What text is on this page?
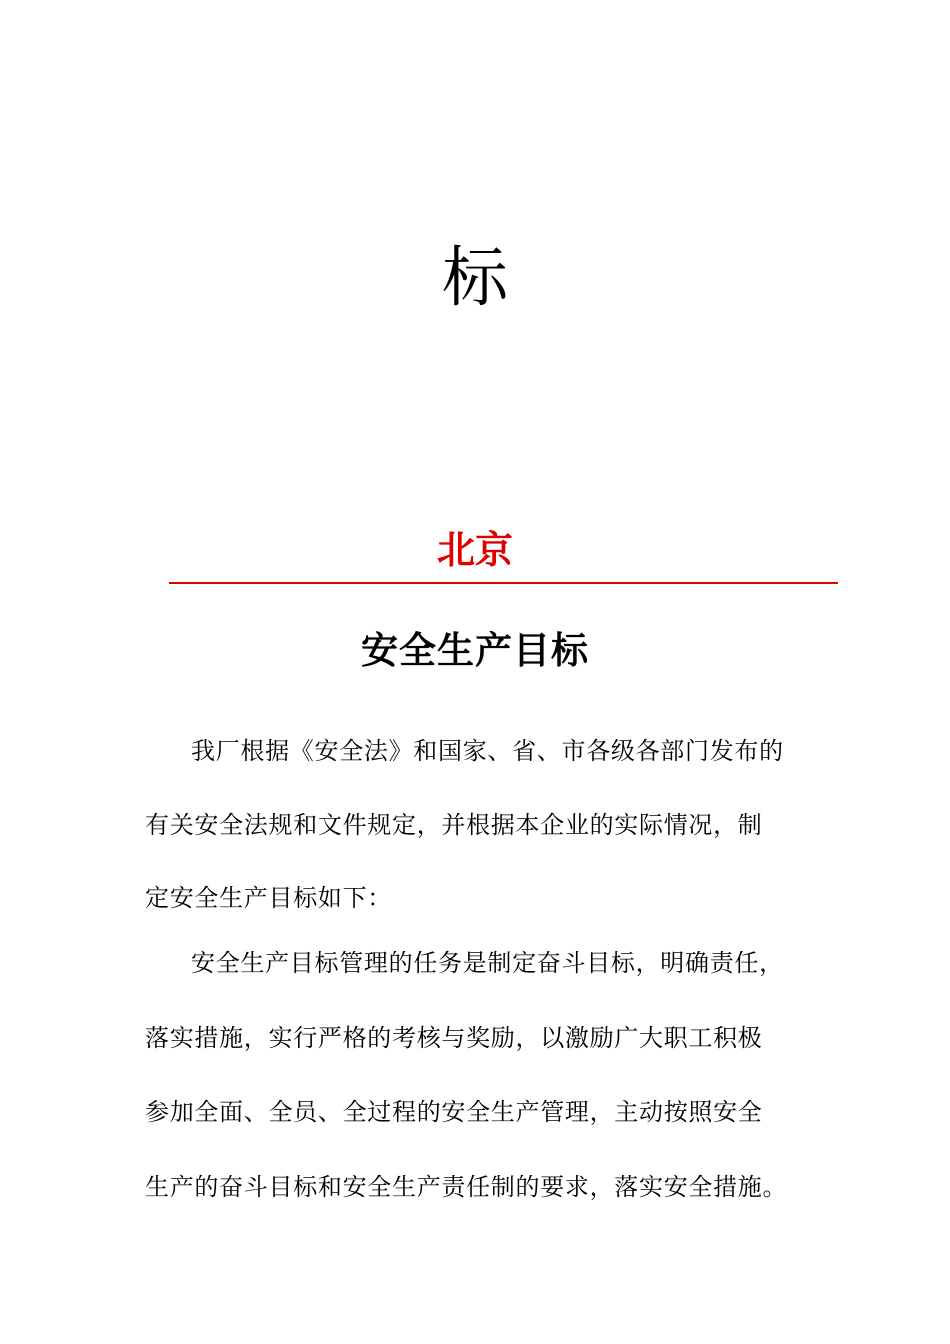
标
北京
安全生产目标
我厂根据《安全法》和国家、省、市各级各部门发布的
有关安全法规和文件规定，并根据本企业的实际情况，制
定安全生产目标如下：
安全生产目标管理的任务是制定奋斗目标，明确责任，
落实措施，实行严格的考核与奖励，以激励广大职工积极
参加全面、全员、全过程的安全生产管理，主动按照安全
生产的奋斗目标和安全生产责任制的要求，落实安全措施。
